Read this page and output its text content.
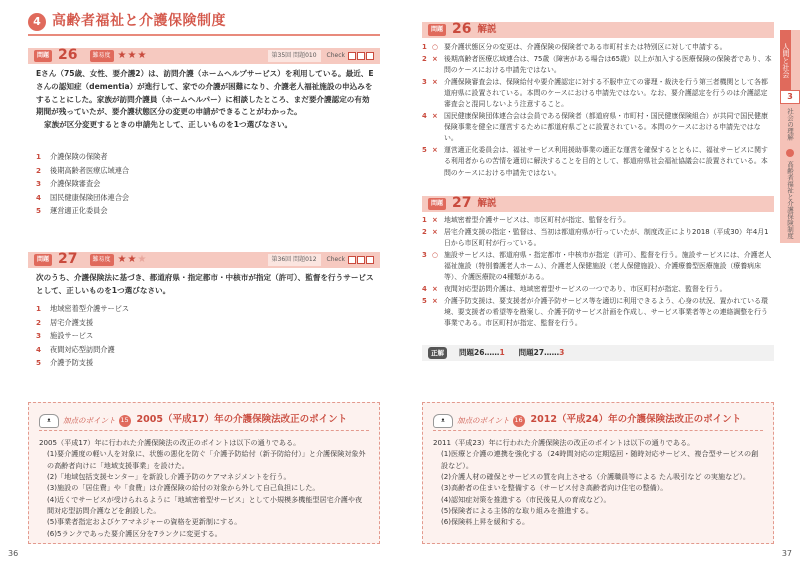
4 高齢者福祉と介護保険制度
問題 26	難易度 ★★★	第35回 問題010	Check

Eさん（75歳、女性、要介護2）は、訪問介護（ホームヘルプサービス）を利用している。最近、Eさんの認知症（dementia）が進行して、家での介護が困難になり、介護老人福祉施設の申込みをすることにした。家族が訪問介護員（ホームヘルパー）に相談したところ、まだ要介護認定の有効期間が残っていたが、要介護状態区分の変更の申請ができることがわかった。

家族が区分変更するときの申請先として、正しいものを1つ選びなさい。

1	介護保険の保険者
2	後期高齢者医療広域連合
3	介護保険審査会
4	国民健康保険団体連合会
5	運営適正化委員会
問題 27	難易度 ★★★	第36回 問題012	Check

次のうち、介護保険法に基づき、都道府県・指定都市・中核市が指定（許可）、監督を行うサービスとして、正しいものを1つ選びなさい。

1	地域密着型介護サービス
2	居宅介護支援
3	施設サービス
4	夜間対応型訪問介護
5	介護予防支援
ᴥ	加点のポイント 15 2005（平成17）年の介護保険法改正のポイント

2005（平成17）年に行われた介護保険法の改正のポイントは以下の通りである。

(1)要介護度の軽い人を対象に、状態の悪化を防ぐ「介護予防給付（新予防給付）」と介護保険対象外の高齢者向けに「地域支援事業」を設けた。

(2)「地域包括支援センター」を新設し介護予防のケアマネジメントを行う。

(3)施設の「居住費」や「食費」は介護保険の給付の対象から外して自己負担にした。

(4)近くでサービスが受けられるように「地域密着型サービス」として小規模多機能型居宅介護や夜間対応型訪問介護などを創設した。

(5)事業者指定およびケアマネジャーの資格を更新制にする。

(6)5ランクであった要介護区分を7ランクに変更する。

36
問題 26 解説
1 ○ 要介護状態区分の変更は、介護保険の保険者である市町村または特別区に対して申請する。
2 × 後期高齢者医療広域連合は、75歳（障害がある場合は65歳）以上が加入する医療保険の保険者であり、本問のケースにおける申請先ではない。
3 × 介護保険審査会は、保険給付や要介護認定に対する不服申立ての審理・裁決を行う第三者機関として各都道府県に設置されている。本問のケースにおける申請先ではない。なお、要介護認定を行うのは介護認定審査会と混同しないよう注意すること。
4 × 国民健康保険団体連合会は会員である保険者（都道府県・市町村・国民健康保険組合）が共同で国民健康保険事業を健全に運営するために都道府県ごとに設置されている。本問のケースにおける申請先ではない。
5 × 運営適正化委員会は、福祉サービス利用援助事業の適正な運営を確保するとともに、福祉サービスに関する利用者からの苦情を適切に解決することを目的として、都道府県社会福祉協議会に設置されている。本問のケースにおける申請先ではない。
問題 27 解説
1 × 地域密着型介護サービスは、市区町村が指定、監督を行う。
2 × 居宅介護支援の指定・監督は、当初は都道府県が行っていたが、制度改正により2018（平成30）年4月1日から市区町村が行っている。
3 ○ 施設サービスは、都道府県・指定都市・中核市が指定（許可）、監督を行う。施設サービスには、介護老人福祉施設（特別養護老人ホーム）、介護老人保健施設（老人保健施設）、介護療養型医療施設（療養病床等）、介護医療院の4種類がある。
4 × 夜間対応型訪問介護は、地域密着型サービスの一つであり、市区町村が指定、監督を行う。
5 × 介護予防支援は、要支援者が介護予防サービス等を適切に利用できるよう、心身の状況、置かれている環境、要支援者の希望等を勘案し、介護予防サービス計画を作成し、サービス事業者等との連絡調整を行う事業である。市区町村が指定、監督を行う。
正解	問題26…… 1 問題27…… 3
ᴥ	加点のポイント 16 2012（平成24）年の介護保険法改正のポイント

2011（平成23）年に行われた介護保険法の改正のポイントは以下の通りである。

(1)医療と介護の連携を強化する（24時間対応の定期巡回・随時対応サービス、複合型サービスの創設など）。

(2)介護人材の確保とサービスの質を向上させる（介護職員等による たん吸引など の実施など）。

(3)高齢者の住まいを整備する（サービス付き高齢者向け住宅の整備）。

(4)認知症対策を推進する（市民後見人の育成など）。

(5)保険者による主体的な取り組みを推進する。

(6)保険料上昇を緩和する。

人間と社会
3
社会の理解
高齢者福祉と介護保険制度
37
